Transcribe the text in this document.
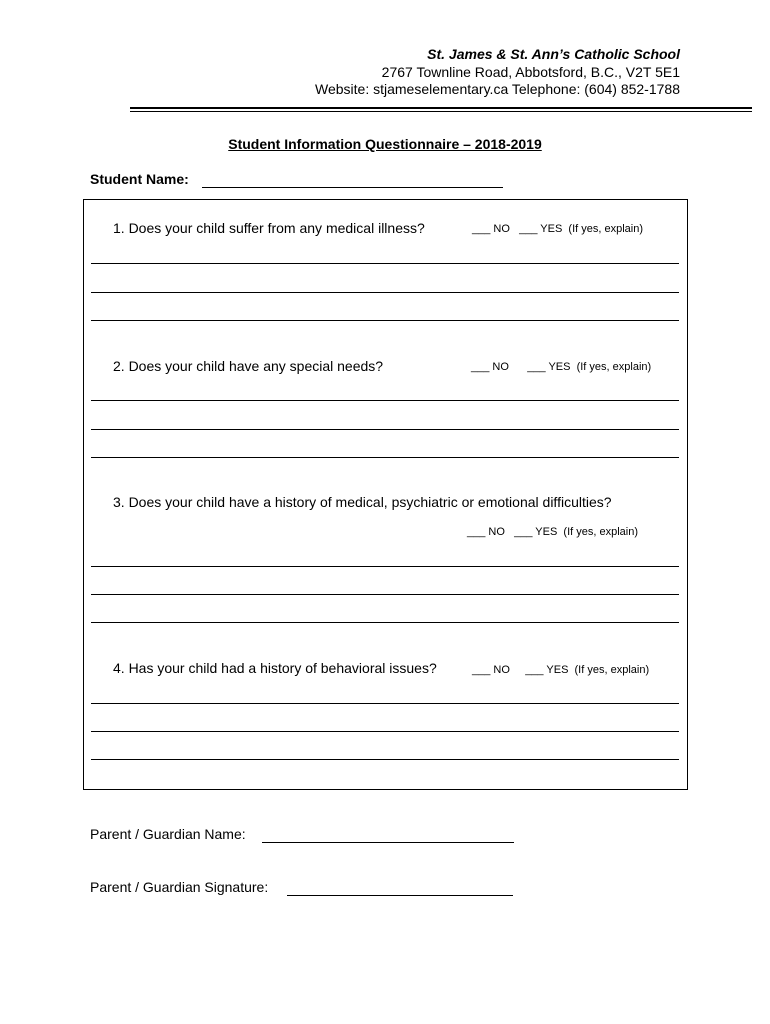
St. James & St. Ann’s Catholic School
2767 Townline Road, Abbotsford, B.C., V2T 5E1
Website: stjameselementary.ca Telephone: (604) 852-1788
Student Information Questionnaire – 2018-2019
Student Name:
1. Does your child suffer from any medical illness?	___ NO   ___ YES  (If yes, explain)
2. Does your child have any special needs?	___ NO      ___ YES  (If yes, explain)
3. Does your child have a history of medical, psychiatric or emotional difficulties?
___ NO   ___ YES  (If yes, explain)
4. Has your child had a history of behavioral issues?	___ NO     ___ YES  (If yes, explain)
Parent / Guardian Name:
Parent / Guardian Signature:
